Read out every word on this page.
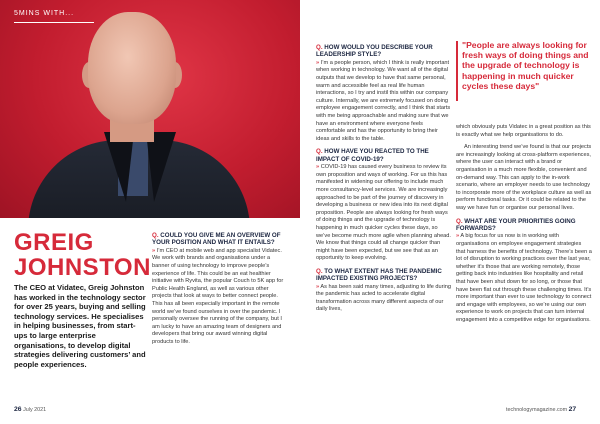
5MINS WITH...
GREIG
JOHNSTON
The CEO at Vidatec, Greig Johnston has worked in the technology sector for over 25 years, buying and selling technology services. He specialises in helping businesses, from start-ups to large enterprise organisations, to develop digital strategies delivering customers’ and people experiences.
Q. COULD YOU GIVE ME AN OVERVIEW OF YOUR POSITION AND WHAT IT ENTAILS?

» I’m CEO at mobile web and app specialist Vidatec. We work with brands and organisations under a banner of using technology to improve people’s experience of life. This could be an eat healthier initiative with Ryvita, the popular Couch to 5K app for Public Health England, as well as various other projects that look at ways to better connect people. This has all been especially important in the remote world we’ve found ourselves in over the pandemic. I personally oversee the running of the company, but I am lucky to have an amazing team of designers and developers that bring our award winning digital products to life.

26 July 2021
Q. HOW WOULD YOU DESCRIBE YOUR LEADERSHIP STYLE?

» I’m a people person, which I think is really important when working in technology. We want all of the digital outputs that we develop to have that same personal, warm and accessible feel as real life human interactions, so I try and instil this within our company culture. Internally, we are extremely focused on doing employee engagement correctly, and I think that starts with me being approachable and making sure that we have an environment where everyone feels comfortable and has the opportunity to bring their ideas and skills to the table.

Q. HOW HAVE YOU REACTED TO THE IMPACT OF COVID-19?

» COVID-19 has caused every business to review its own proposition and ways of working. For us this has manifested in widening our offering to include much more consultancy-level services. We are increasingly approached to be part of the journey of discovery in developing a business or new idea into its next digital proposition. People are always looking for fresh ways of doing things and the upgrade of technology is happening in much quicker cycles these days, so we’ve become much more agile when planning ahead. We know that things could all change quicker than might have been expected, but we see that as an opportunity to keep evolving.

Q. TO WHAT EXTENT HAS THE PANDEMIC IMPACTED EXISTING PROJECTS?

» As has been said many times, adjusting to life during the pandemic has acted to accelerate digital transformation across many different aspects of our daily lives,

which obviously puts Vidatec in a great position as this is exactly what we help organisations to do.

An interesting trend we’ve found is that our projects are increasingly looking at cross-platform experiences, where the user can interact with a brand or organisation in a much more flexible, convenient and on-demand way. This can apply to the in-work scenario, where an employer needs to use technology to incorporate more of the workplace culture as well as perform functional tasks. Or it could be related to the way we have fun or organise our personal lives.

Q. WHAT ARE YOUR PRIORITIES GOING FORWARDS?

» A big focus for us now is in working with organisations on employee engagement strategies that harness the benefits of technology. There’s been a lot of disruption to working practices over the last year, whether it’s those that are working remotely, those getting back into industries like hospitality and retail that have been shut down for so long, or those that have been flat out through these challenging times. It’s more important than ever to use technology to connect and engage with employees, so we’re using our own experience to work on projects that can turn internal engagement into a competitive edge for organisations.

technologymagazine.com 27
"People are always looking for fresh ways of doing things and the upgrade of technology is happening in much quicker cycles these days"
